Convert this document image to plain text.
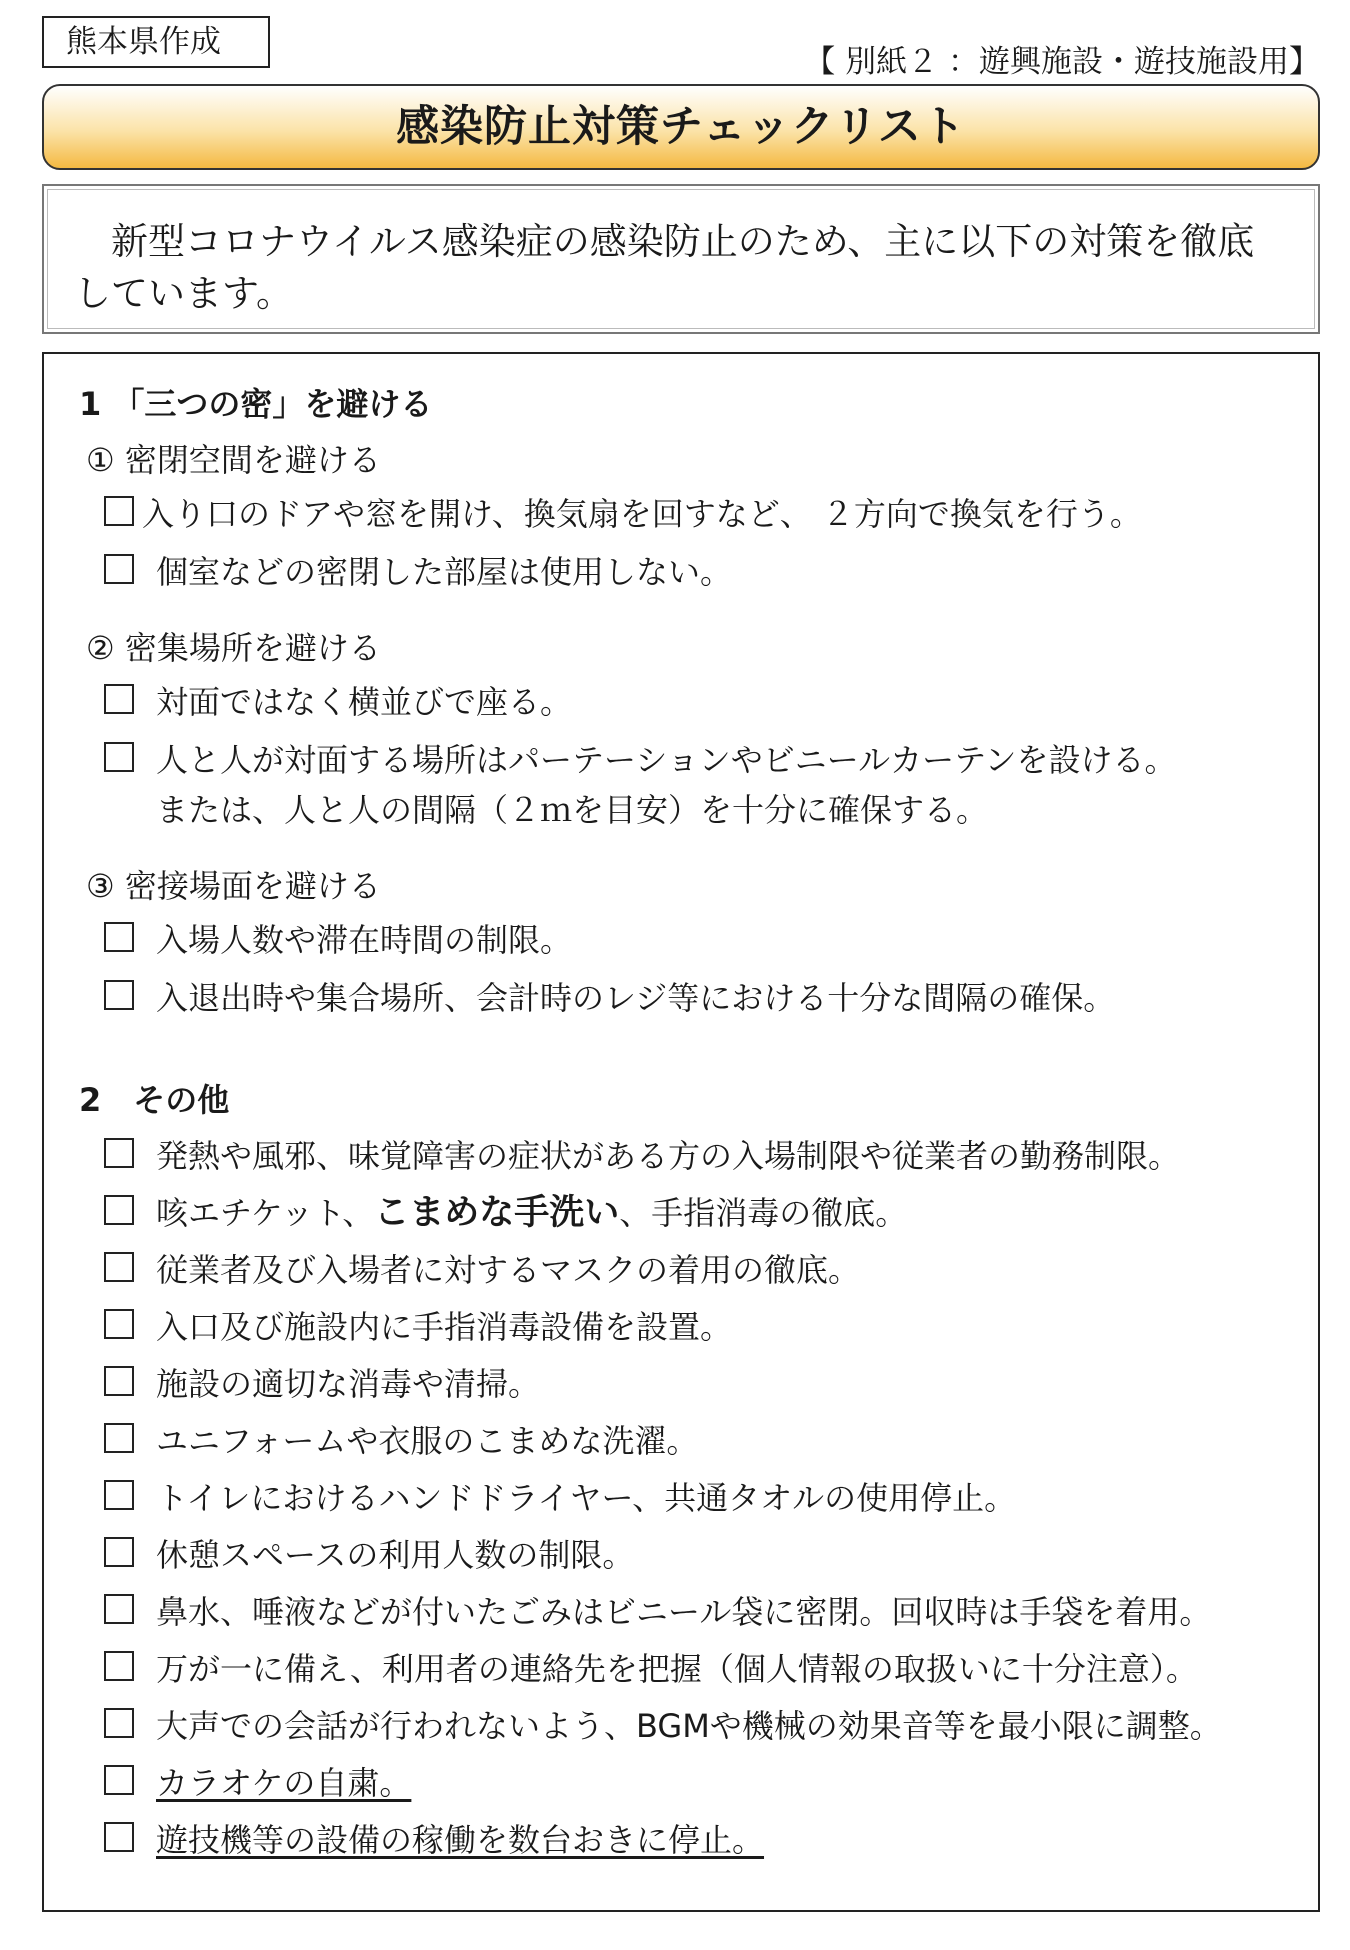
熊本県作成
【 別紙２ ：遊興施設・遊技施設用】
感染防止対策チェックリスト

新型コロナウイルス感染症の感染防止のため、主に以下の対策を徹底しています。

1 「三つの密」を避ける
① 密閉空間を避ける
入り口のドアや窓を開け、換気扇を回すなど、 ２方向で換気を行う。
個室などの密閉した部屋は使用しない。
② 密集場所を避ける
対面ではなく横並びで座る。
人と人が対面する場所はパーテーションやビニールカーテンを設ける。
または、人と人の間隔（２ｍを目安）を十分に確保する。
③ 密接場面を避ける
入場人数や滞在時間の制限。
入退出時や集合場所、会計時のレジ等における十分な間隔の確保。
2　その他
発熱や風邪、味覚障害の症状がある方の入場制限や従業者の勤務制限。
咳エチケット、こまめな手洗い、手指消毒の徹底。
従業者及び入場者に対するマスクの着用の徹底。
入口及び施設内に手指消毒設備を設置。
施設の適切な消毒や清掃。
ユニフォームや衣服のこまめな洗濯。
トイレにおけるハンドドライヤー、共通タオルの使用停止。
休憩スペースの利用人数の制限。
鼻水、唾液などが付いたごみはビニール袋に密閉。回収時は手袋を着用。
万が一に備え、利用者の連絡先を把握（個人情報の取扱いに十分注意）。
大声での会話が行われないよう、BGMや機械の効果音等を最小限に調整。
カラオケの自粛。
遊技機等の設備の稼働を数台おきに停止。
